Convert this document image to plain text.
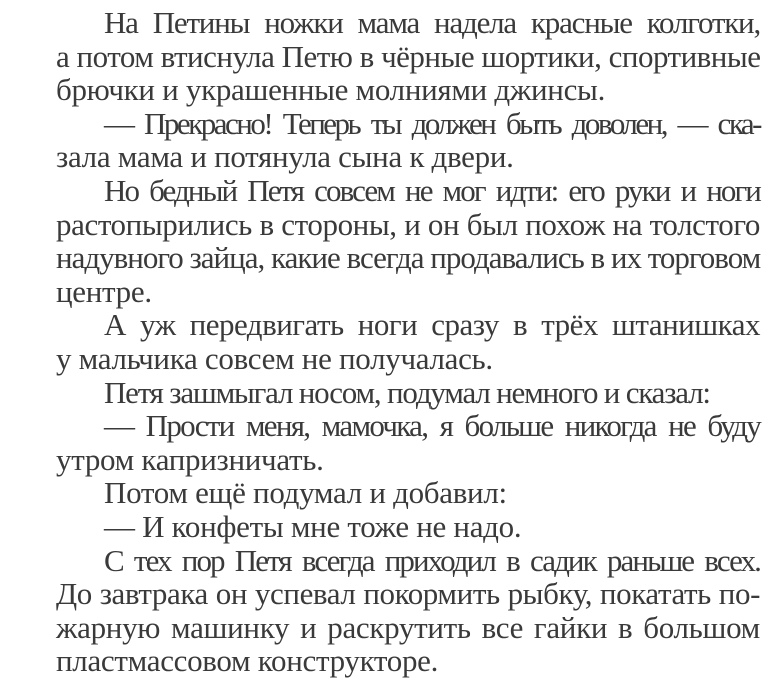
На Петины ножки мама надела красные колготки,
а потом втиснула Петю в чёрные шортики, спортивные
брючки и украшенные молниями джинсы.
— Прекрасно! Теперь ты должен быть доволен, — ска-
зала мама и потянула сына к двери.
Но бедный Петя совсем не мог идти: его руки и ноги
растопырились в стороны, и он был похож на толстого
надувного зайца, какие всегда продавались в их торговом
центре.
А уж передвигать ноги сразу в трёх штанишках
у мальчика совсем не получалась.
Петя зашмыгал носом, подумал немного и сказал:
— Прости меня, мамочка, я больше никогда не буду
утром капризничать.
Потом ещё подумал и добавил:
— И конфеты мне тоже не надо.
С тех пор Петя всегда приходил в садик раньше всех.
До завтрака он успевал покормить рыбку, покатать по-
жарную машинку и раскрутить все гайки в большом
пластмассовом конструкторе.
